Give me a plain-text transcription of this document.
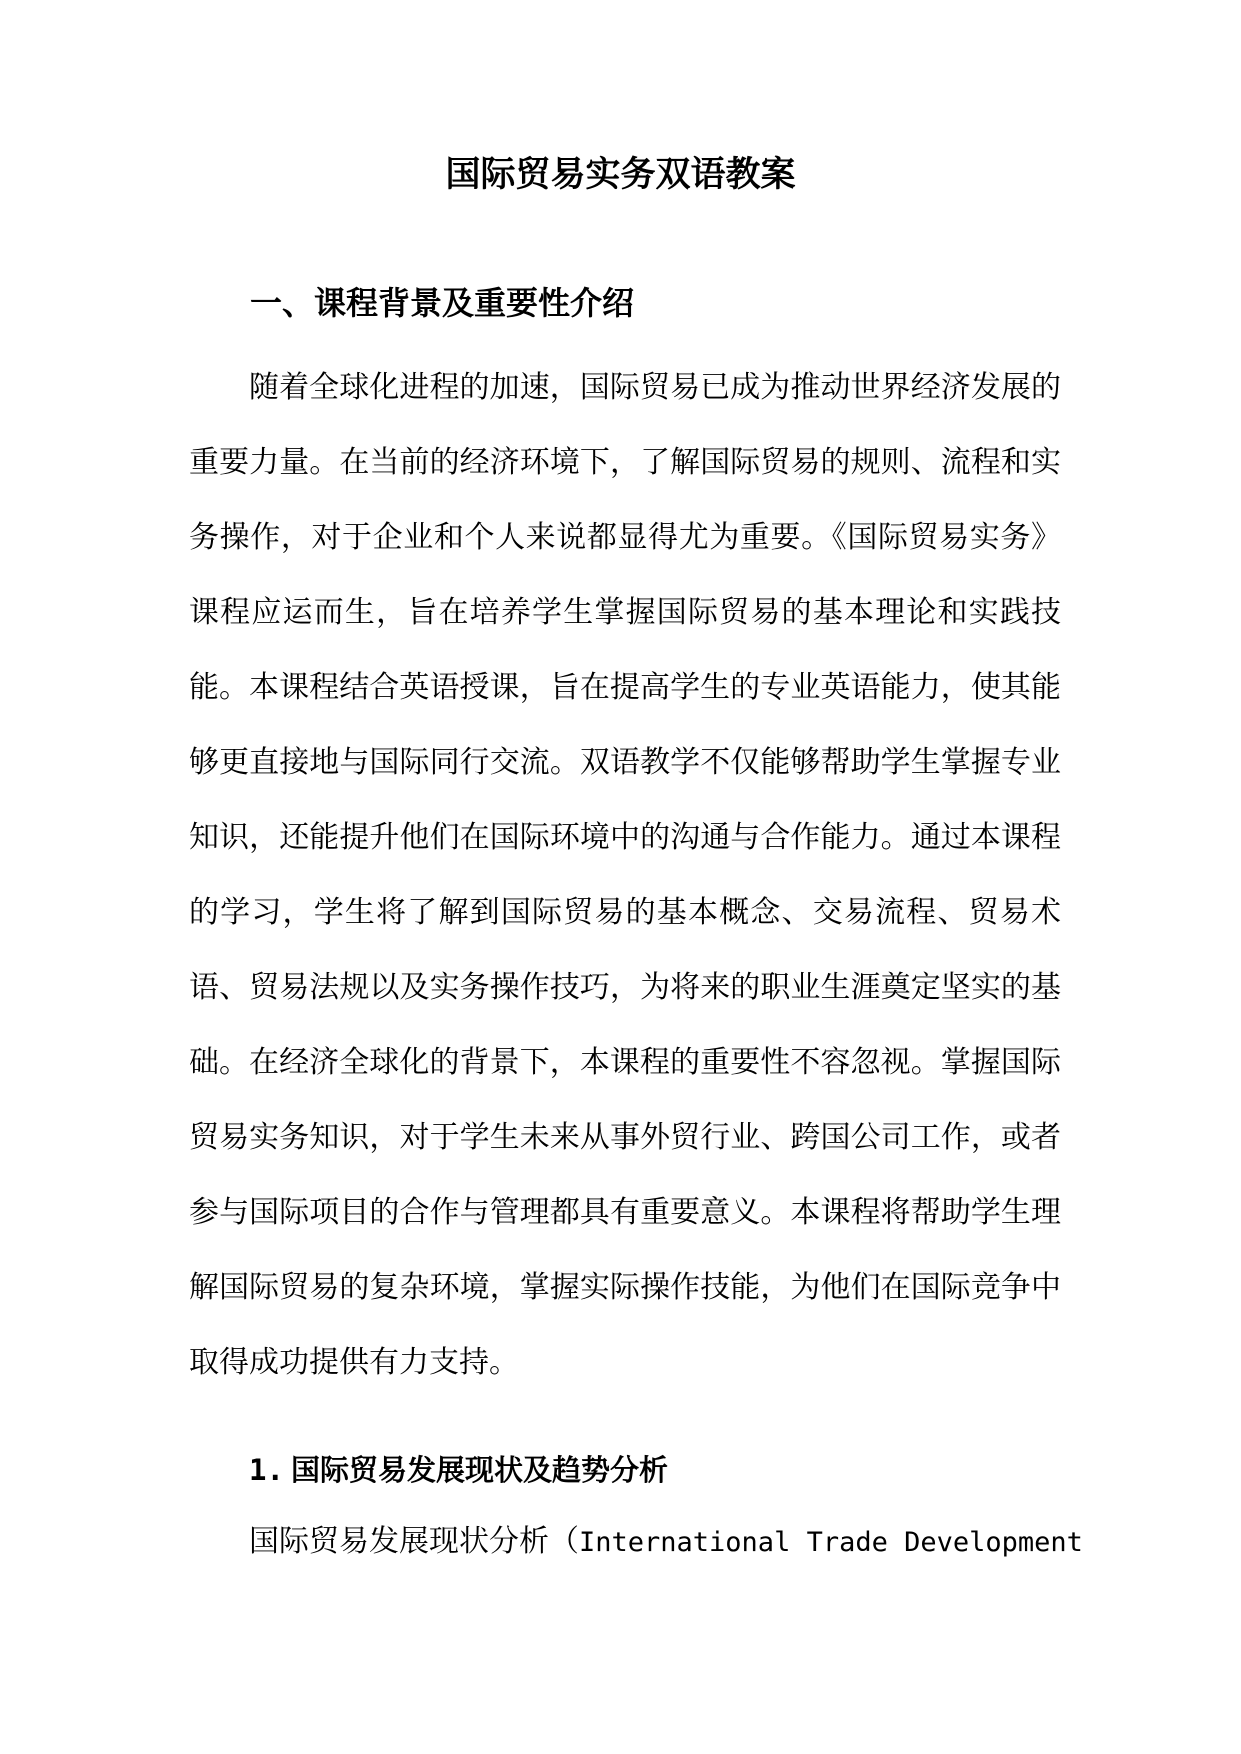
国际贸易实务双语教案
一、课程背景及重要性介绍

随着全球化进程的加速，国际贸易已成为推动世界经济发展的重要力量。在当前的经济环境下，了解国际贸易的规则、流程和实务操作，对于企业和个人来说都显得尤为重要。《国际贸易实务》课程应运而生，旨在培养学生掌握国际贸易的基本理论和实践技能。 本课程结合英语授课，旨在提高学生的专业英语能力，使其能够更直接地与国际同行交流。双语教学不仅能够帮助学生掌握专业知识，还能提升他们在国际环境中的沟通与合作能力。通过本课程的学习，学生将了解到国际贸易的基本概念、交易流程、贸易术语、贸易法规以及实务操作技巧，为将来的职业生涯奠定坚实的基础。 在经济全球化的背景下，本课程的重要性不容忽视。掌握国际贸易实务知识，对于学生未来从事外贸行业、跨国公司工作，或者参与国际项目的合作与管理都具有重要意义。本课程将帮助学生理解国际贸易的复杂环境，掌握实际操作技能，为他们在国际竞争中取得成功提供有力支持。

1. 国际贸易发展现状及趋势分析

国际贸易发展现状分析（International Trade Development
